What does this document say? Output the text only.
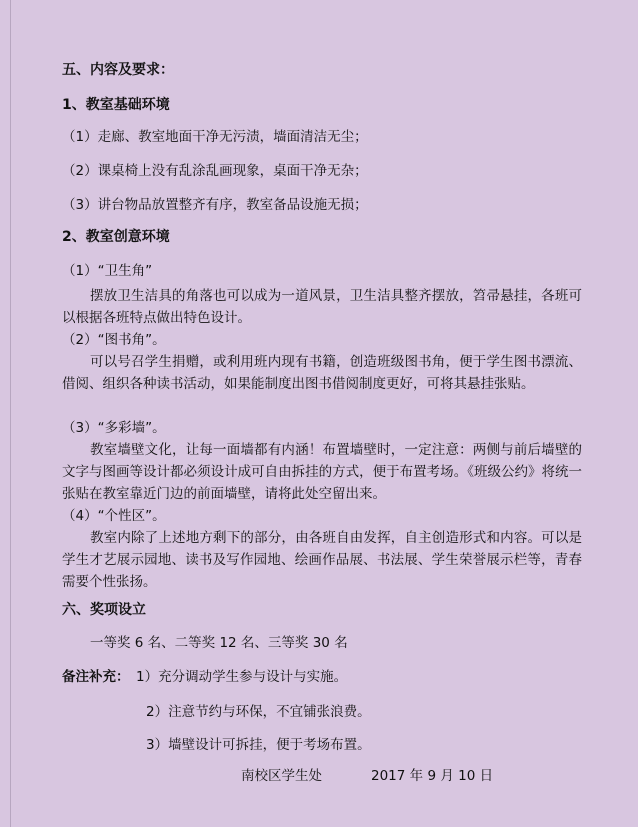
五、内容及要求：
1、教室基础环境
（1）走廊、教室地面干净无污渍，墙面清洁无尘；
（2）课桌椅上没有乱涂乱画现象，桌面干净无杂；
（3）讲台物品放置整齐有序，教室备品设施无损；
2、教室创意环境
（1）“卫生角”
摆放卫生洁具的角落也可以成为一道风景，卫生洁具整齐摆放，笤帚悬挂，各班可以根据各班特点做出特色设计。
（2）“图书角”。
可以号召学生捐赠，或利用班内现有书籍，创造班级图书角，便于学生图书漂流、借阅、组织各种读书活动，如果能制度出图书借阅制度更好，可将其悬挂张贴。
（3）“多彩墙”。
教室墙壁文化，让每一面墙都有内涵！布置墙壁时，一定注意：两侧与前后墙壁的文字与图画等设计都必须设计成可自由拆挂的方式，便于布置考场。《班级公约》将统一张贴在教室靠近门边的前面墙壁，请将此处空留出来。
（4）“个性区”。
教室内除了上述地方剩下的部分，由各班自由发挥，自主创造形式和内容。可以是学生才艺展示园地、读书及写作园地、绘画作品展、书法展、学生荣誉展示栏等，青春需要个性张扬。
六、奖项设立
一等奖 6 名、二等奖 12 名、三等奖 30 名
备注补充： 1）充分调动学生参与设计与实施。
2）注意节约与环保，不宜铺张浪费。
3）墙壁设计可拆挂，便于考场布置。
南校区学生处	2017 年 9 月 10 日
